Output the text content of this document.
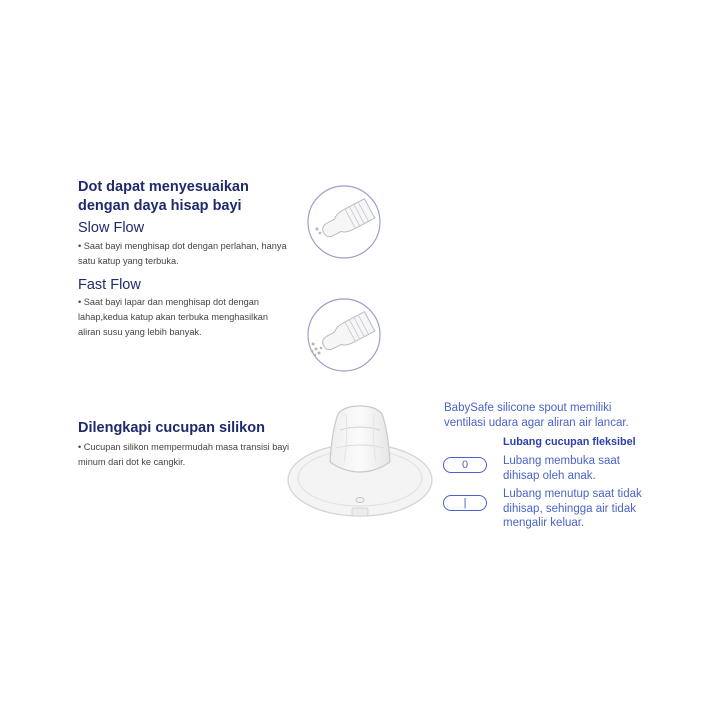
Dot dapat menyesuaikan
dengan daya hisap bayi
Slow Flow
• Saat bayi menghisap dot dengan perlahan, hanya
satu katup yang terbuka.
Fast Flow
• Saat bayi lapar dan menghisap dot dengan
lahap,kedua katup akan terbuka menghasilkan
aliran susu yang lebih banyak.
Dilengkapi cucupan silikon
• Cucupan silikon mempermudah masa transisi bayi
minum dari dot ke cangkir.
BabySafe silicone spout memiliki
ventilasi udara agar aliran air lancar.
Lubang cucupan fleksibel
0	Lubang membuka saat
dihisap oleh anak.
|
Lubang menutup saat tidak
dihisap, sehingga air tidak
mengalir keluar.
